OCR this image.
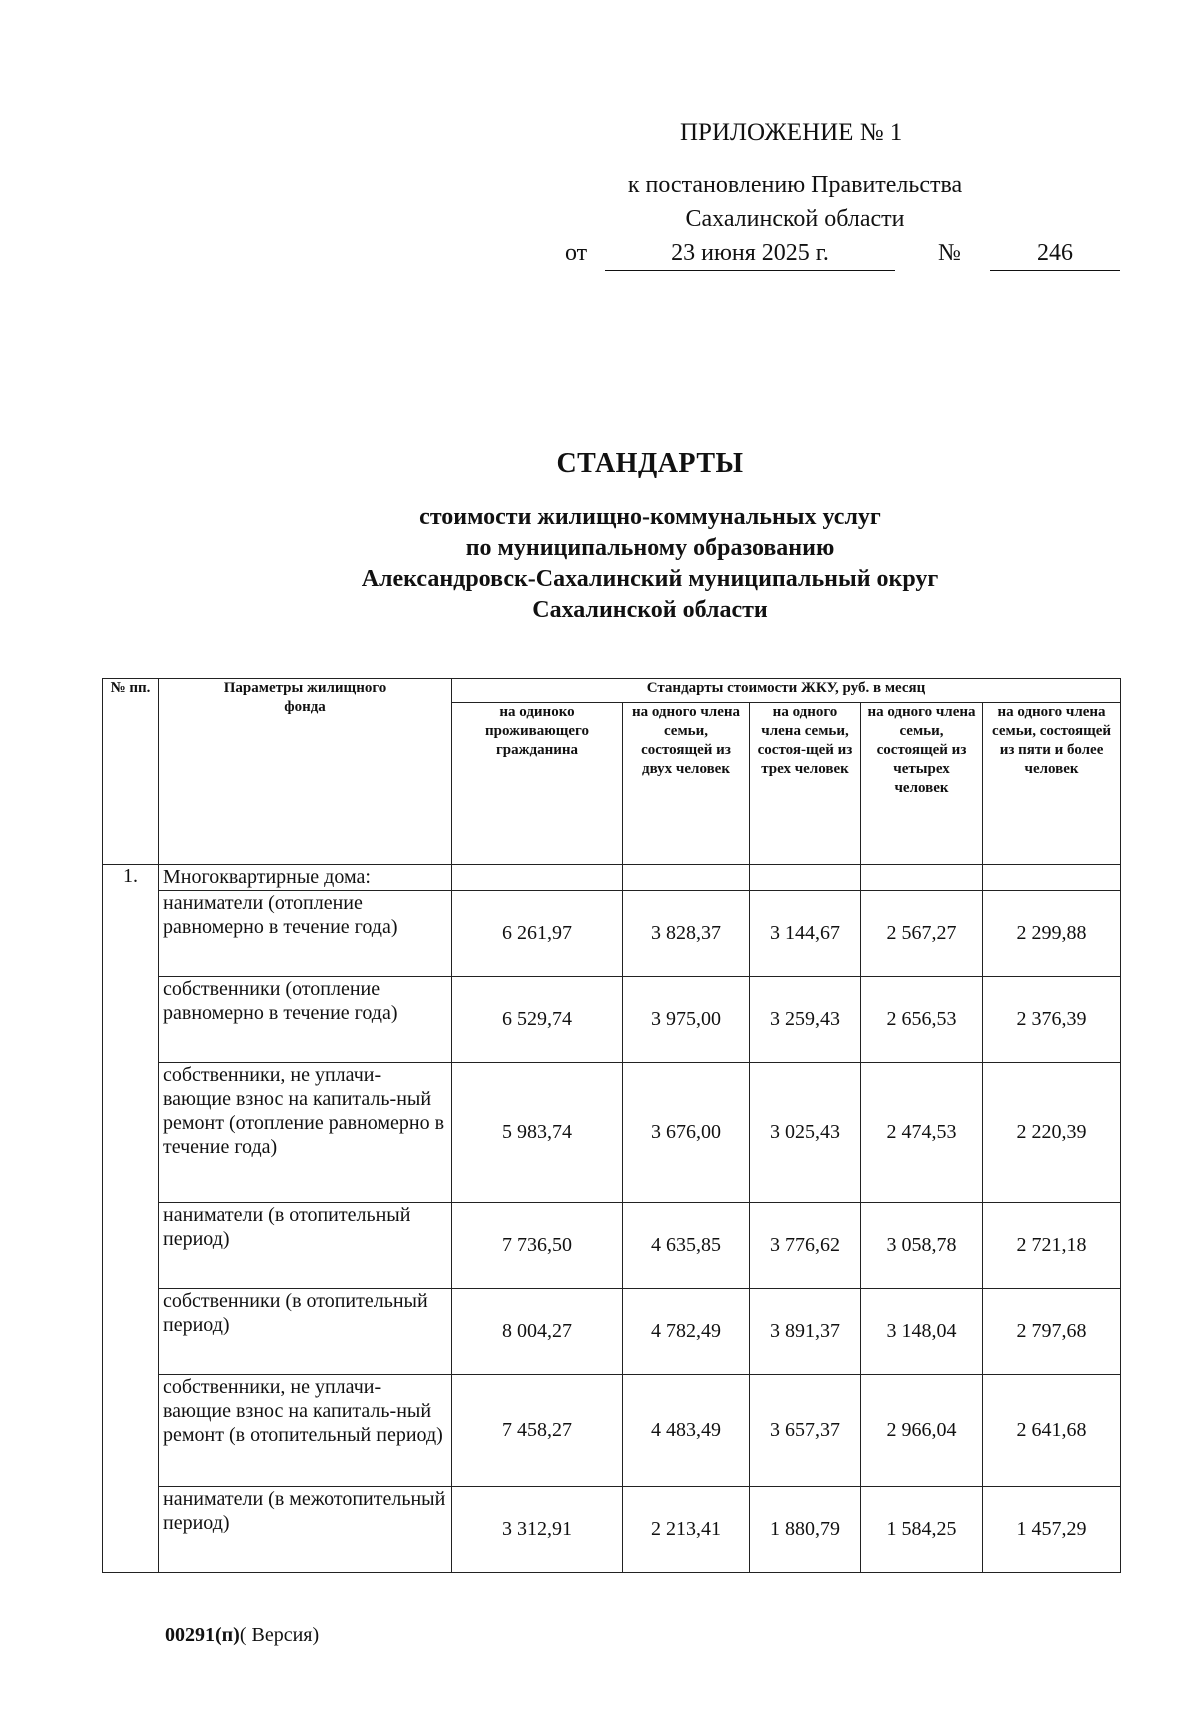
ПРИЛОЖЕНИЕ № 1
к постановлению Правительства
Сахалинской области
от	23 июня 2025 г.	№	246
СТАНДАРТЫ
стоимости жилищно-коммунальных услуг
по муниципальному образованию
Александровск-Сахалинский муниципальный округ
Сахалинской области
№ пп.	Параметры жилищного фонда	Стандарты стоимости ЖКУ, руб. в месяц				
		на одиноко проживающего гражданина	на одного члена семьи, состоящей из двух человек	на одного члена семьи, состоя-щей из трех человек	на одного члена семьи, состоящей из четырех человек	на одного члена семьи, состоящей из пяти и более человек
1.	Многоквартирные дома:					
	наниматели (отопление равномерно в течение года)	6 261,97	3 828,37	3 144,67	2 567,27	2 299,88
	собственники (отопление равномерно в течение года)	6 529,74	3 975,00	3 259,43	2 656,53	2 376,39
	собственники, не уплачи-вающие взнос на капиталь-ный ремонт (отопление равномерно в течение года)	5 983,74	3 676,00	3 025,43	2 474,53	2 220,39
	наниматели (в отопительный период)	7 736,50	4 635,85	3 776,62	3 058,78	2 721,18
	собственники (в отопительный период)	8 004,27	4 782,49	3 891,37	3 148,04	2 797,68
	собственники, не уплачи-вающие взнос на капиталь-ный ремонт (в отопительный период)	7 458,27	4 483,49	3 657,37	2 966,04	2 641,68
	наниматели (в межотопительный период)	3 312,91	2 213,41	1 880,79	1 584,25	1 457,29
00291(п)( Версия)
